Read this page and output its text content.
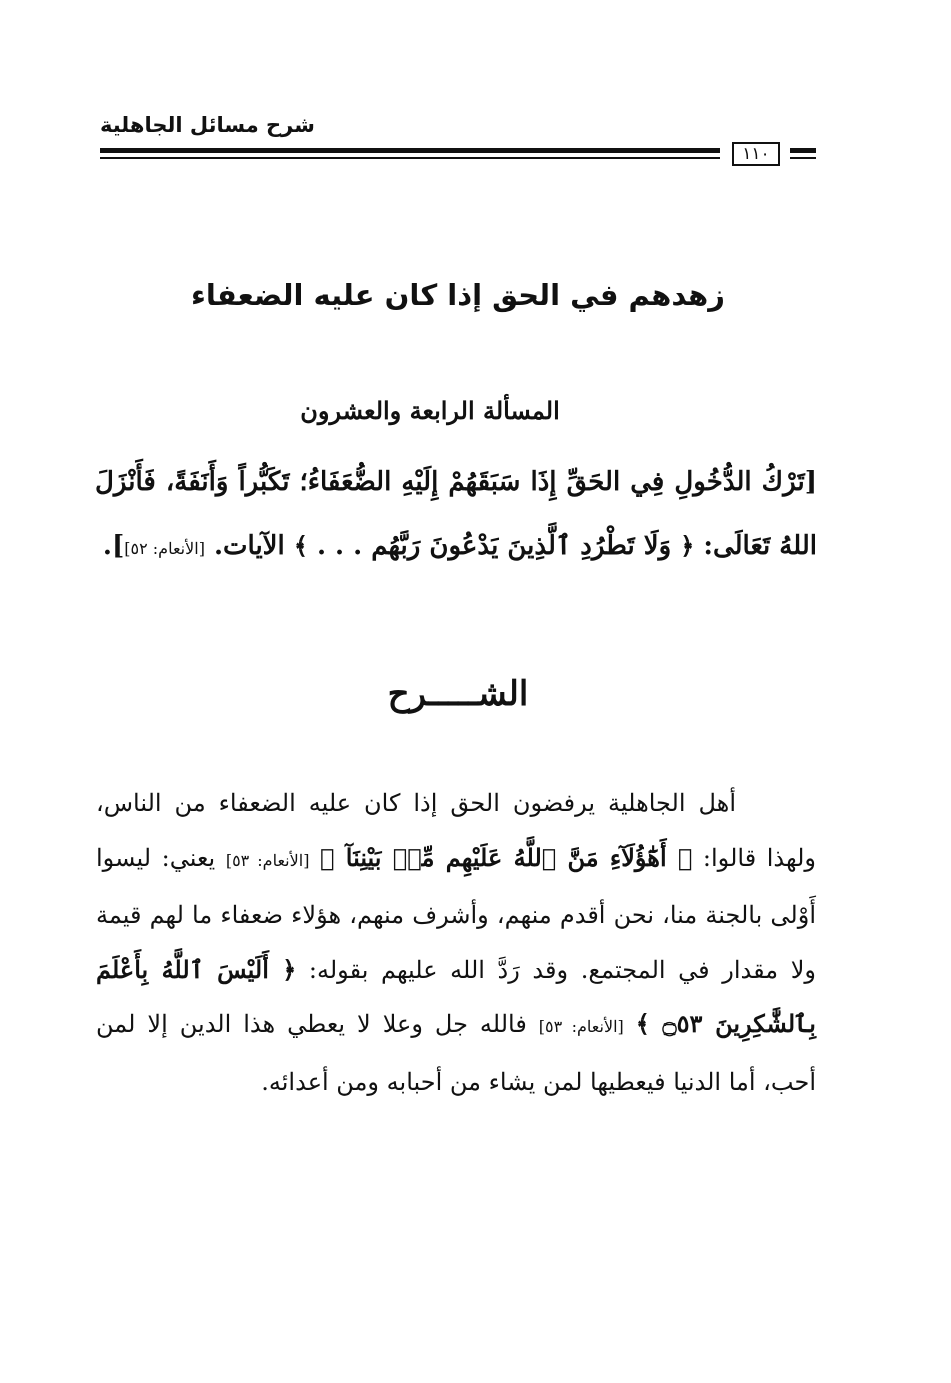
شرح مسائل الجاهلية
١١٠
زهدهم في الحق إذا كان عليه الضعفاء
المسألة الرابعة والعشرون
[تَرْكُ الدُّخُولِ فِي الحَقِّ إِذَا سَبَقَهُمْ إِلَيْهِ الضُّعَفَاءُ؛ تَكَبُّراً وَأَنَفَةً، فَأَنْزَلَ اللهُ تَعَالَى: ﴿ وَلَا تَطْرُدِ ٱلَّذِينَ يَدْعُونَ رَبَّهُم . . . ﴾ الآيات. [الأنعام: ٥٢]].
الشـــــرح
أهل الجاهلية يرفضون الحق إذا كان عليه الضعفاء من الناس، ولهذا قالوا: ﴿ أَهَٰٓؤُلَآءِ مَنَّ ٱللَّهُ عَلَيْهِم مِّنۢ بَيْنِنَآ ﴾ [الأنعام: ٥٣] يعني: ليسوا أَوْلى بالجنة منا، نحن أقدم منهم، وأشرف منهم، هؤلاء ضعفاء ما لهم قيمة ولا مقدار في المجتمع. وقد رَدَّ الله عليهم بقوله: ﴿ أَلَيْسَ ٱللَّهُ بِأَعْلَمَ بِٱلشَّٰكِرِينَ ۝٥٣ ﴾ [الأنعام: ٥٣] فالله جل وعلا لا يعطي هذا الدين إلا لمن أحب، أما الدنيا فيعطيها لمن يشاء من أحبابه ومن أعدائه.
